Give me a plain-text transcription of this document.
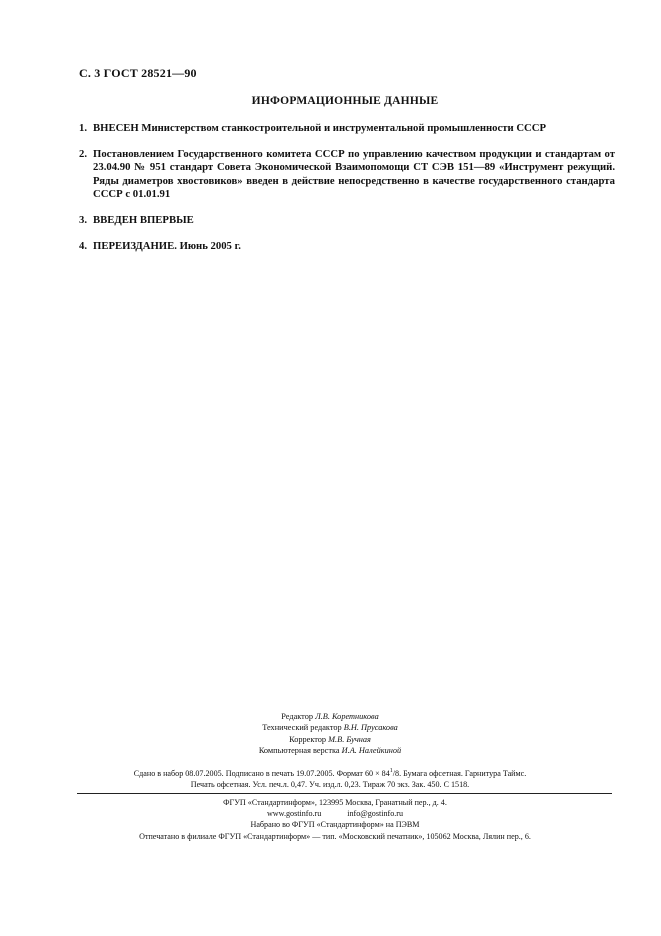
С. 3 ГОСТ 28521—90
ИНФОРМАЦИОННЫЕ ДАННЫЕ
1. ВНЕСЕН Министерством станкостроительной и инструментальной промышленности СССР
2. Постановлением Государственного комитета СССР по управлению качеством продукции и стандартам от 23.04.90 № 951 стандарт Совета Экономической Взаимопомощи СТ СЭВ 151—89 «Инструмент режущий. Ряды диаметров хвостовиков» введен в действие непосредственно в качестве государственного стандарта СССР с 01.01.91
3. ВВЕДЕН ВПЕРВЫЕ
4. ПЕРЕИЗДАНИЕ. Июнь 2005 г.
Редактор Л.В. Коретникова
Технический редактор В.Н. Прусакова
Корректор М.В. Бучная
Компьютерная верстка И.А. Налейкиной
Сдано в набор 08.07.2005. Подписано в печать 19.07.2005. Формат $60 \times 84^1/8$. Бумага офсетная. Гарнитура Таймс.
Печать офсетная. Усл. печ.л. 0,47. Уч. изд.л. 0,23. Тираж 70 экз. Зак. 450. С 1518.
ФГУП «Стандартинформ», 123995 Москва, Гранатный пер., д. 4.
www.gostinfo.ru	info@gostinfo.ru
Набрано во ФГУП «Стандартинформ» на ПЭВМ
Отпечатано в филиале ФГУП «Стандартинформ» — тип. «Московский печатник», 105062 Москва, Лялин пер., 6.
